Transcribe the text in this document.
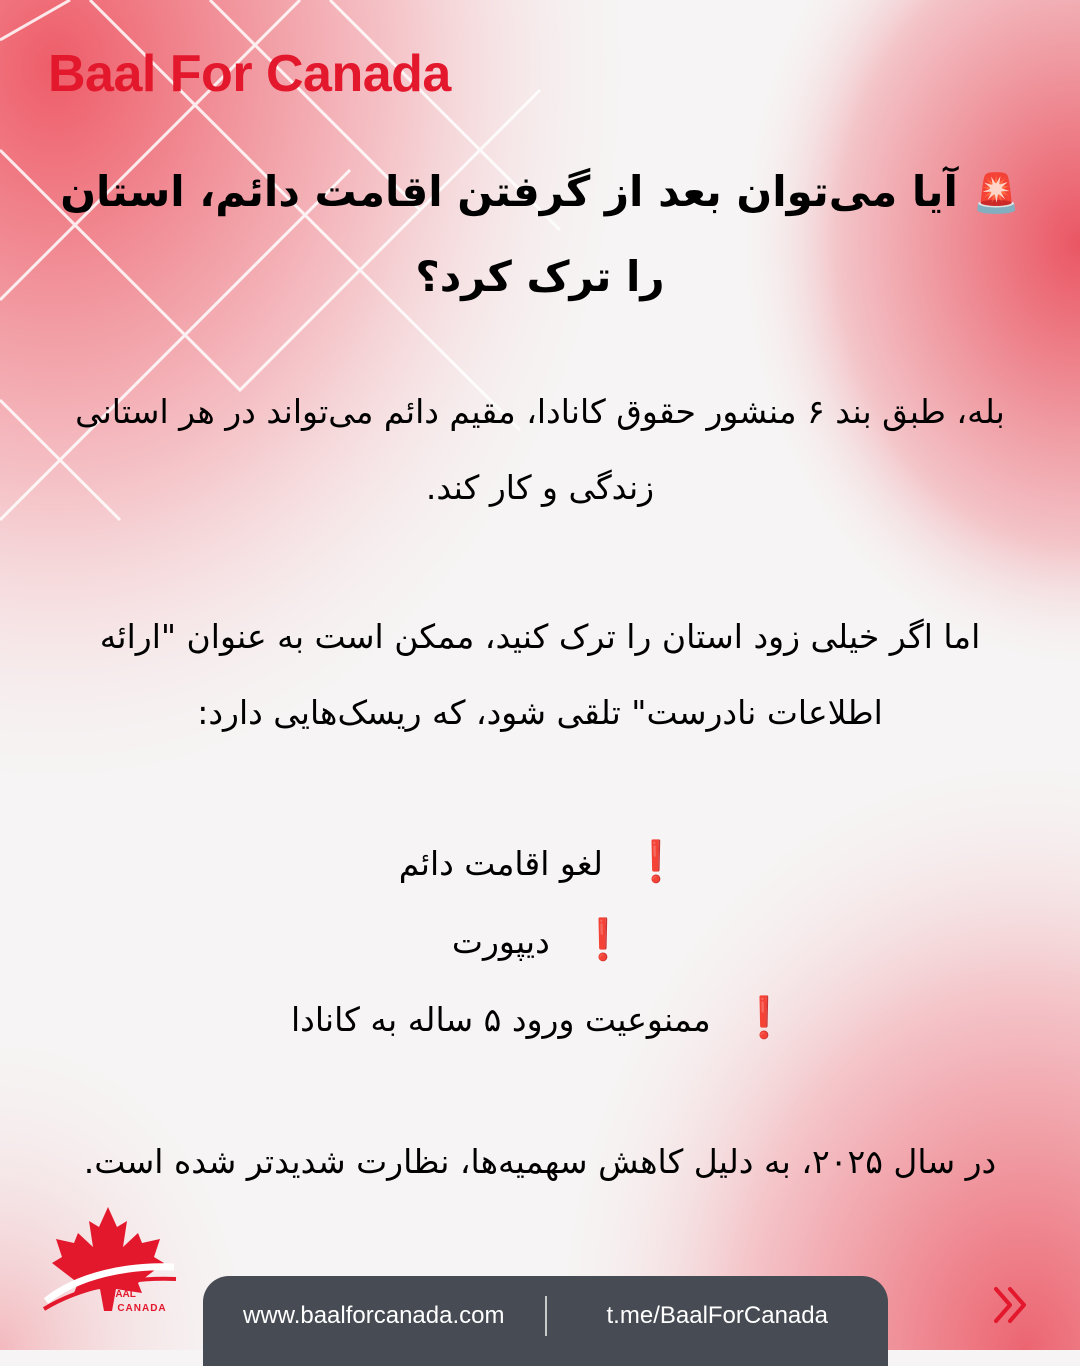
Baal For Canada
🚨 آیا می‌توان بعد از گرفتن اقامت دائم، استان را ترک کرد؟

بله، طبق بند ۶ منشور حقوق کانادا، مقیم دائم می‌تواند در هر استانی زندگی و کار کند.

اما اگر خیلی زود استان را ترک کنید، ممکن است به عنوان "ارائه اطلاعات نادرست" تلقی شود، که ریسک‌هایی دارد:

❗ لغو اقامت دائم
❗ دیپورت
❗ ممنوعیت ورود ۵ ساله به کانادا

در سال ۲۰۲۵، به دلیل کاهش سهمیه‌ها، نظارت شدیدتر شده است.

BAAL
CANADA	www.baalforcanada.com	t.me/BaalForCanada
